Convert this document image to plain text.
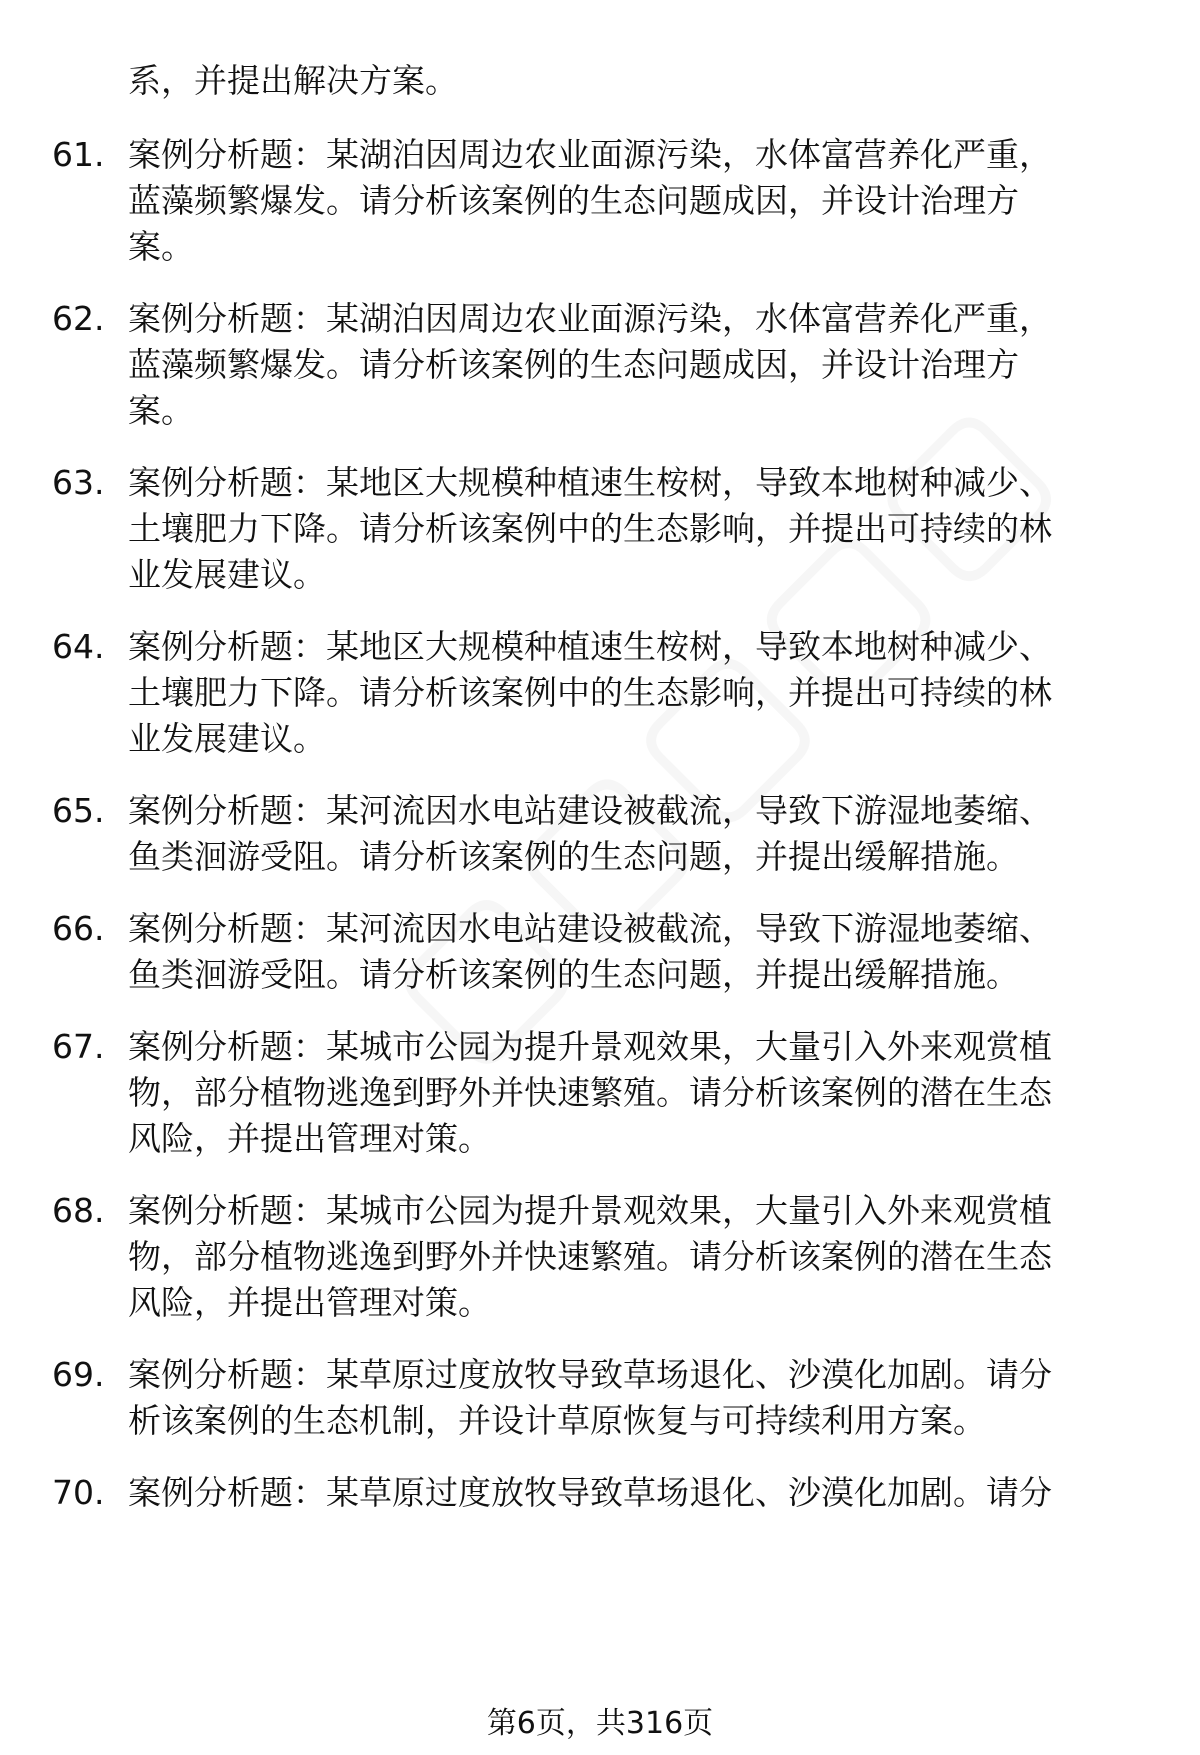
系，并提出解决方案。
61. 案例分析题：某湖泊因周边农业面源污染，水体富营养化严重，
蓝藻频繁爆发。请分析该案例的生态问题成因，并设计治理方
案。
62. 案例分析题：某湖泊因周边农业面源污染，水体富营养化严重，
蓝藻频繁爆发。请分析该案例的生态问题成因，并设计治理方
案。
63. 案例分析题：某地区大规模种植速生桉树，导致本地树种减少、
土壤肥力下降。请分析该案例中的生态影响，并提出可持续的林
业发展建议。
64. 案例分析题：某地区大规模种植速生桉树，导致本地树种减少、
土壤肥力下降。请分析该案例中的生态影响，并提出可持续的林
业发展建议。
65. 案例分析题：某河流因水电站建设被截流，导致下游湿地萎缩、
鱼类洄游受阻。请分析该案例的生态问题，并提出缓解措施。
66. 案例分析题：某河流因水电站建设被截流，导致下游湿地萎缩、
鱼类洄游受阻。请分析该案例的生态问题，并提出缓解措施。
67. 案例分析题：某城市公园为提升景观效果，大量引入外来观赏植
物，部分植物逃逸到野外并快速繁殖。请分析该案例的潜在生态
风险，并提出管理对策。
68. 案例分析题：某城市公园为提升景观效果，大量引入外来观赏植
物，部分植物逃逸到野外并快速繁殖。请分析该案例的潜在生态
风险，并提出管理对策。
69. 案例分析题：某草原过度放牧导致草场退化、沙漠化加剧。请分
析该案例的生态机制，并设计草原恢复与可持续利用方案。
70. 案例分析题：某草原过度放牧导致草场退化、沙漠化加剧。请分
第6页，共316页
